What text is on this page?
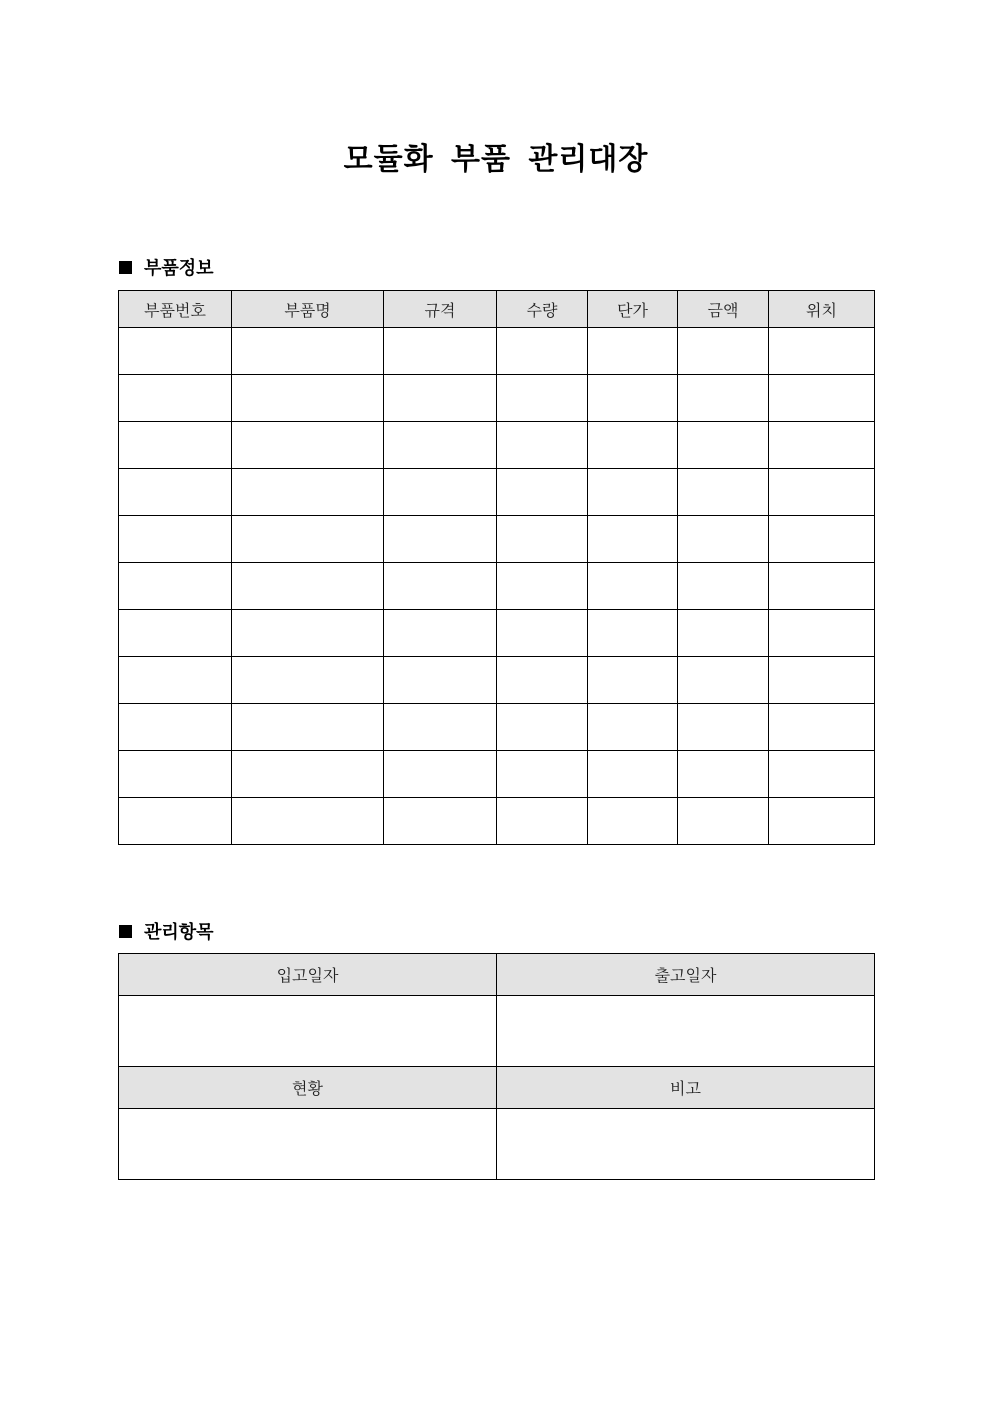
모듈화 부품 관리대장
부품정보
부품번호	부품명	규격	수량	단가	금액	위치

관리항목
입고일자	출고일자

현황	비고
